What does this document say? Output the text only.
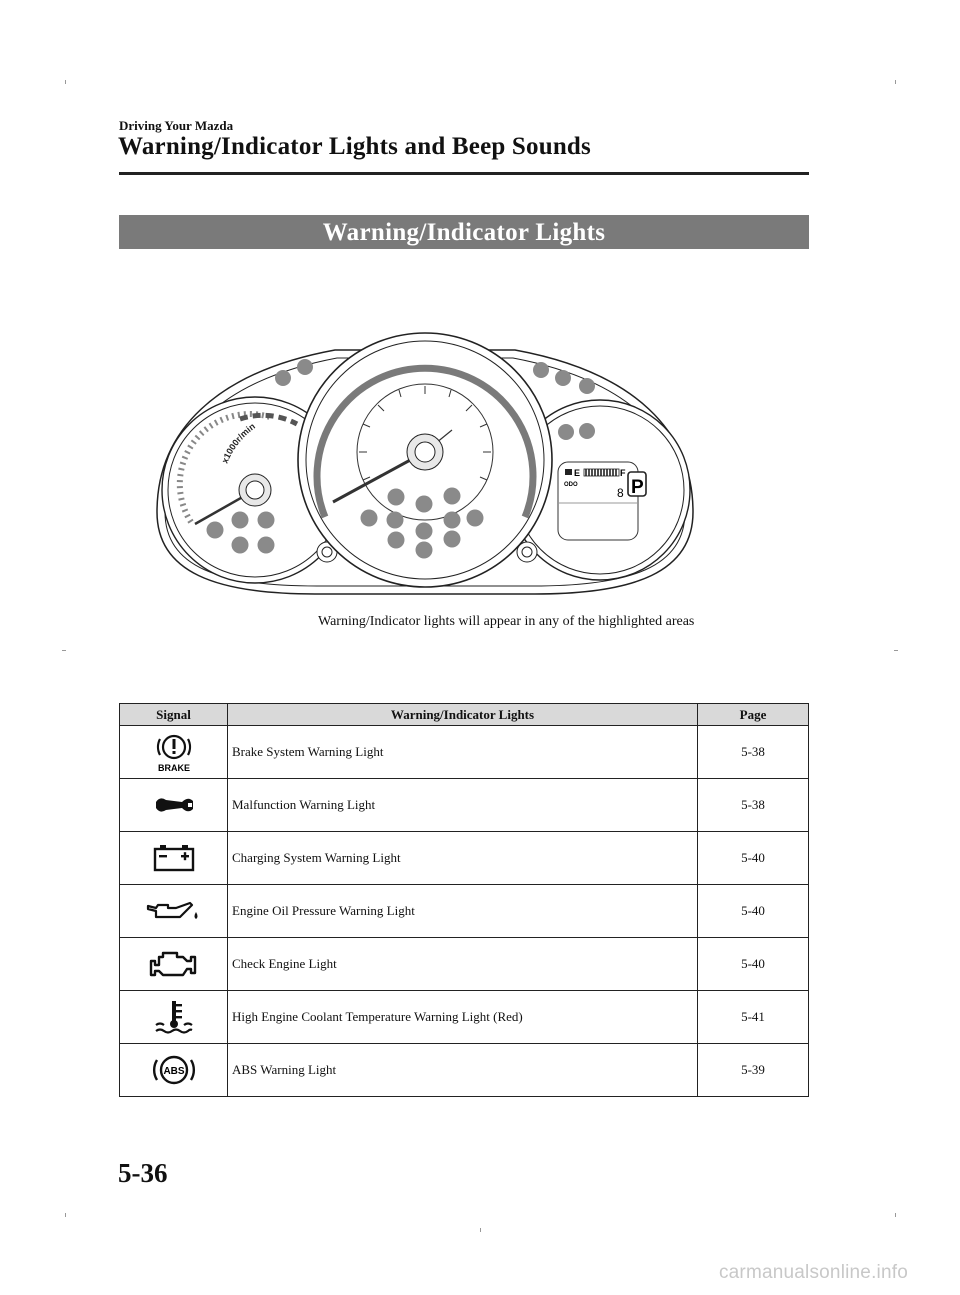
Driving Your Mazda
Warning/Indicator Lights and Beep Sounds
Warning/Indicator Lights
x1000r/min
E	F
ODO
8 P
Warning/Indicator lights will appear in any of the highlighted areas
Signal	Warning/Indicator Lights	Page

BRAKE	Brake System Warning Light	5-38
	Malfunction Warning Light	5-38
	Charging System Warning Light	5-40
	Engine Oil Pressure Warning Light	5-40
	Check Engine Light	5-40
	High Engine Coolant Temperature Warning Light (Red)	5-41

ABS	ABS Warning Light	5-39
5-36
carmanualsonline.info
